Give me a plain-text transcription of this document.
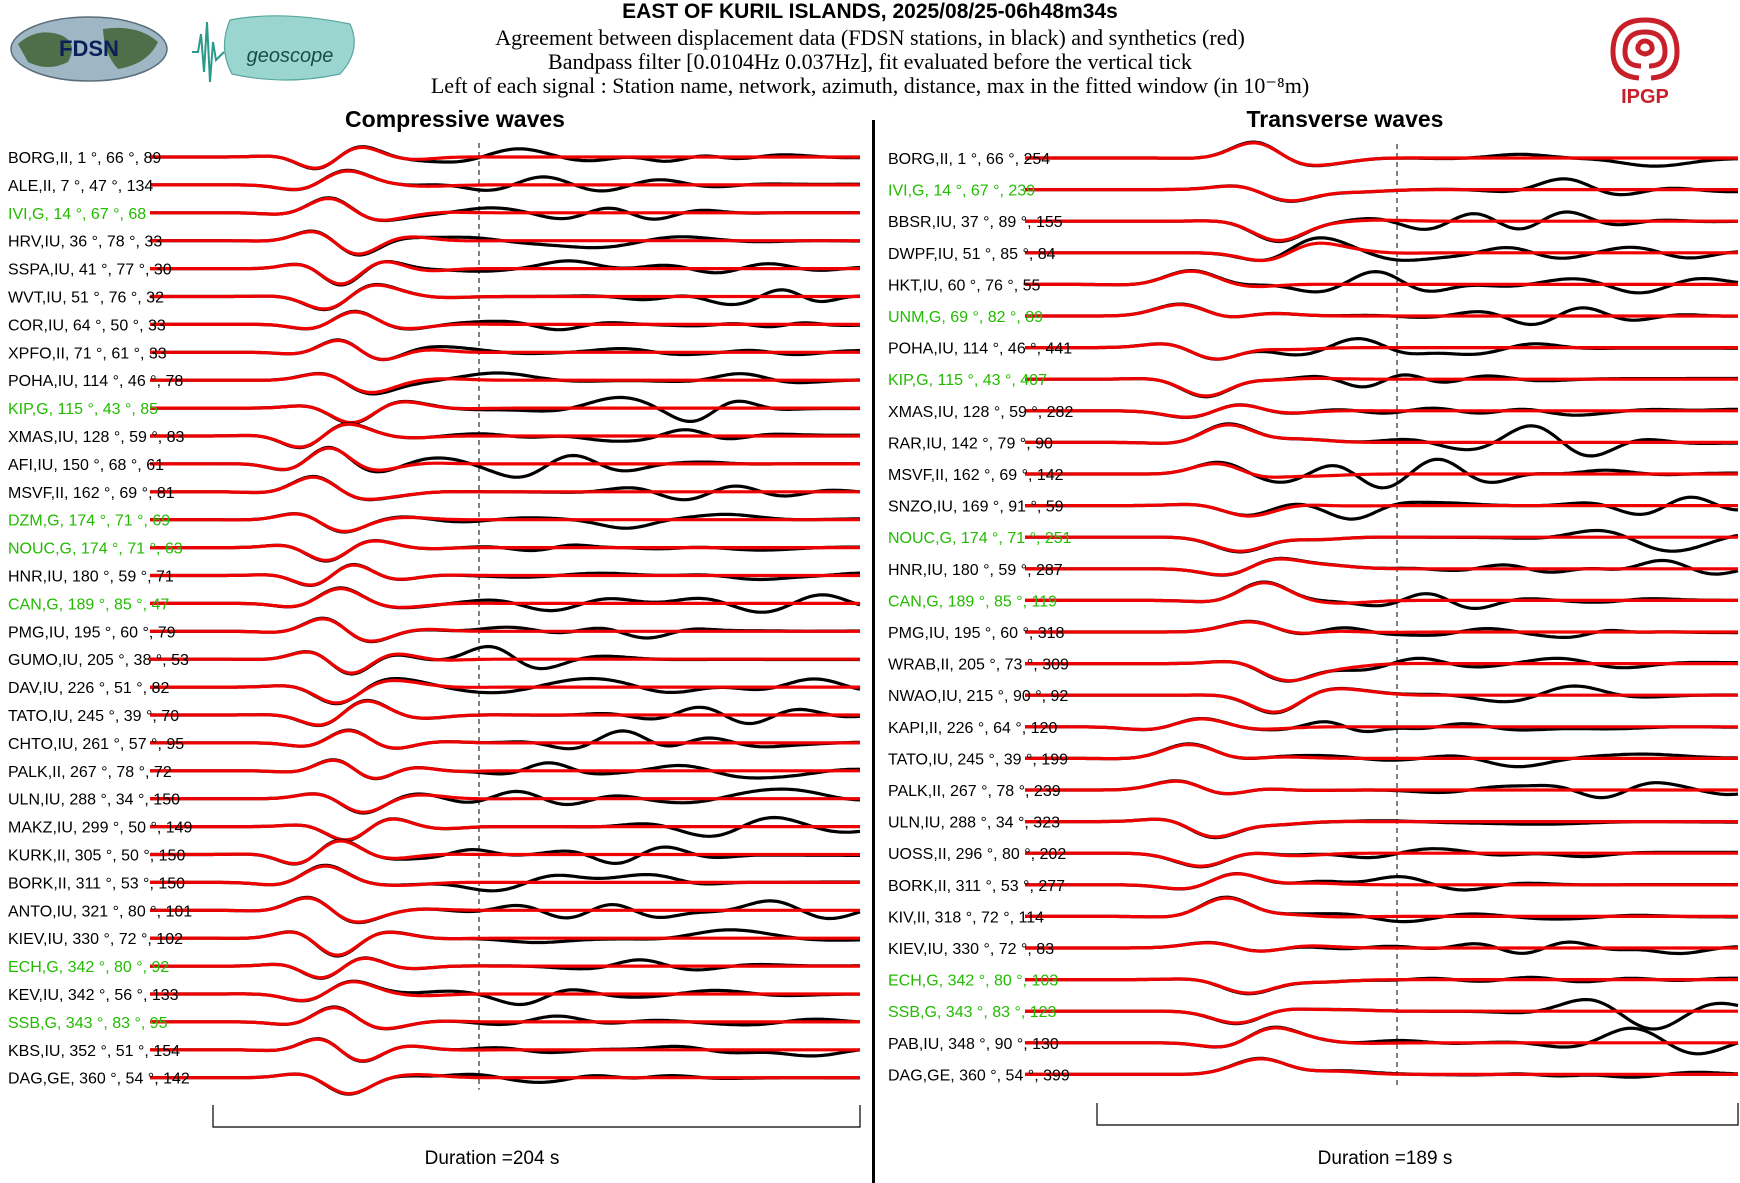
EAST OF KURIL ISLANDS, 2025/08/25-06h48m34s
Agreement between displacement data (FDSN stations, in black) and synthetics (red)
Bandpass filter [0.0104Hz 0.037Hz], fit evaluated before the vertical tick
Left of each signal : Station name, network, azimuth, distance, max in the fitted window (in 10⁻⁸m)
FDSN	geoscope
IPGP
Compressive waves	Transverse waves
BORG,II, 1 °, 66 °, 89
ALE,II, 7 °, 47 °, 134
IVI,G, 14 °, 67 °, 68
HRV,IU, 36 °, 78 °, 33
SSPA,IU, 41 °, 77 °, 30
WVT,IU, 51 °, 76 °, 32
COR,IU, 64 °, 50 °, 33
XPFO,II, 71 °, 61 °, 33
POHA,IU, 114 °, 46 °, 78
KIP,G, 115 °, 43 °, 85
XMAS,IU, 128 °, 59 °, 83
AFI,IU, 150 °, 68 °, 61
MSVF,II, 162 °, 69 °, 81
DZM,G, 174 °, 71 °, 69
NOUC,G, 174 °, 71 °, 63
HNR,IU, 180 °, 59 °, 71
CAN,G, 189 °, 85 °, 47
PMG,IU, 195 °, 60 °, 79
GUMO,IU, 205 °, 38 °, 53
DAV,IU, 226 °, 51 °, 82
TATO,IU, 245 °, 39 °, 70
CHTO,IU, 261 °, 57 °, 95
PALK,II, 267 °, 78 °, 72
ULN,IU, 288 °, 34 °, 150
MAKZ,IU, 299 °, 50 °, 149
KURK,II, 305 °, 50 °, 150
BORK,II, 311 °, 53 °, 150
ANTO,IU, 321 °, 80 °, 101
KIEV,IU, 330 °, 72 °, 102
ECH,G, 342 °, 80 °, 92
KEV,IU, 342 °, 56 °, 133
SSB,G, 343 °, 83 °, 95
KBS,IU, 352 °, 51 °, 154
DAG,GE, 360 °, 54 °, 142
BORG,II, 1 °, 66 °, 254
IVI,G, 14 °, 67 °, 239
BBSR,IU, 37 °, 89 °, 155
DWPF,IU, 51 °, 85 °, 84
HKT,IU, 60 °, 76 °, 55
UNM,G, 69 °, 82 °, 89
POHA,IU, 114 °, 46 °, 441
KIP,G, 115 °, 43 °, 407
XMAS,IU, 128 °, 59 °, 282
RAR,IU, 142 °, 79 °, 90
MSVF,II, 162 °, 69 °, 142
SNZO,IU, 169 °, 91 °, 59
NOUC,G, 174 °, 71 °, 251
HNR,IU, 180 °, 59 °, 287
CAN,G, 189 °, 85 °, 119
PMG,IU, 195 °, 60 °, 318
WRAB,II, 205 °, 73 °, 309
NWAO,IU, 215 °, 90 °, 92
KAPI,II, 226 °, 64 °, 120
TATO,IU, 245 °, 39 °, 199
PALK,II, 267 °, 78 °, 239
ULN,IU, 288 °, 34 °, 323
UOSS,II, 296 °, 80 °, 202
BORK,II, 311 °, 53 °, 277
KIV,II, 318 °, 72 °, 114
KIEV,IU, 330 °, 72 °, 83
ECH,G, 342 °, 80 °, 103
SSB,G, 343 °, 83 °, 123
PAB,IU, 348 °, 90 °, 130
DAG,GE, 360 °, 54 °, 399
Duration =204 s	Duration =189 s
